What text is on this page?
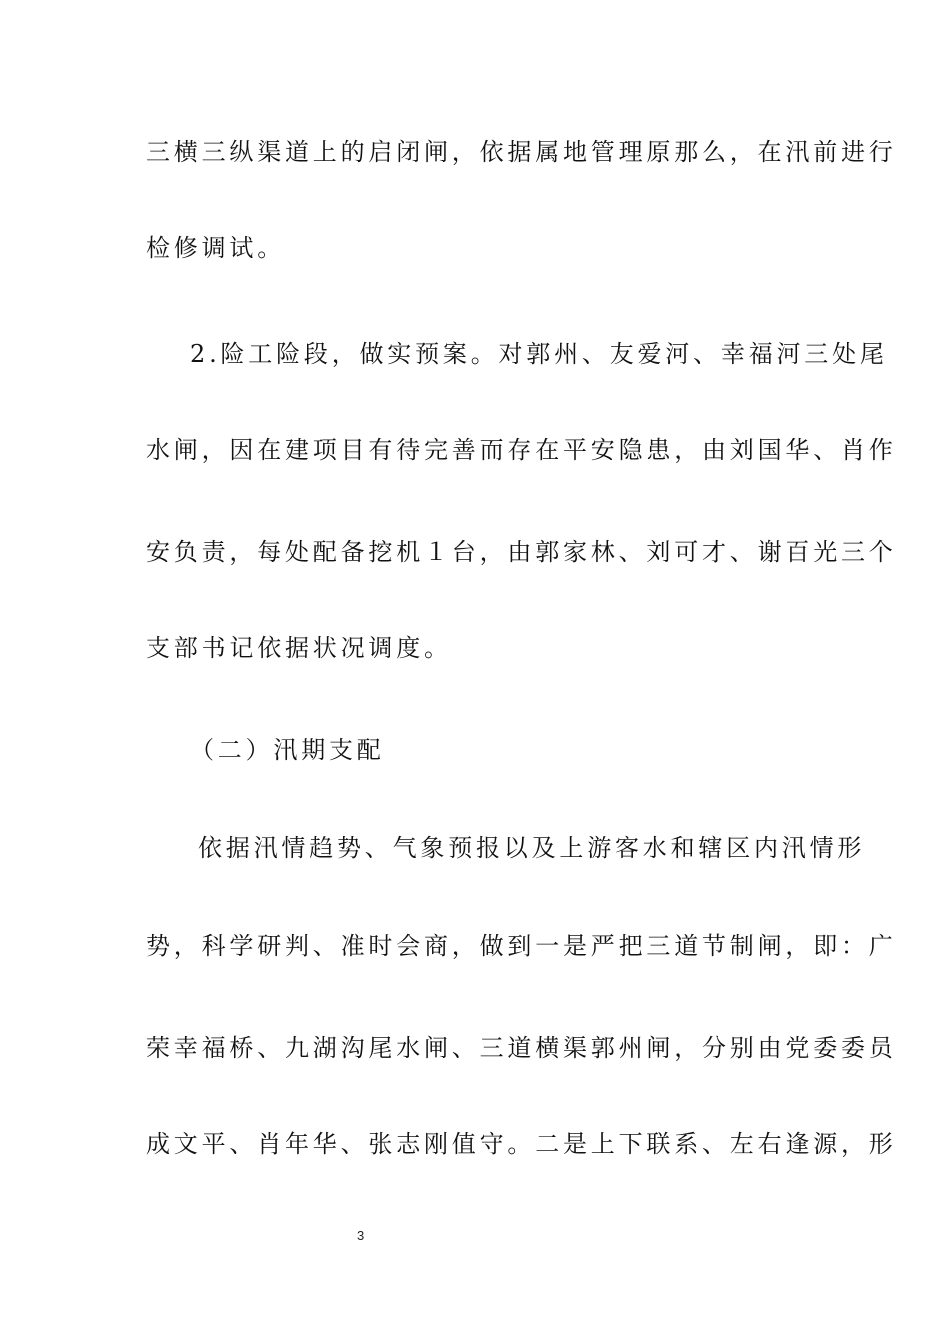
三横三纵渠道上的启闭闸，依据属地管理原那么，在汛前进行
检修调试。
2.险工险段，做实预案。对郭州、友爱河、幸福河三处尾
水闸，因在建项目有待完善而存在平安隐患，由刘国华、肖作
安负责，每处配备挖机１台，由郭家林、刘可才、谢百光三个
支部书记依据状况调度。
（二）汛期支配
依据汛情趋势、气象预报以及上游客水和辖区内汛情形
势，科学研判、准时会商，做到一是严把三道节制闸，即：广
荣幸福桥、九湖沟尾水闸、三道横渠郭州闸，分别由党委委员
成文平、肖年华、张志刚值守。二是上下联系、左右逢源，形
3
